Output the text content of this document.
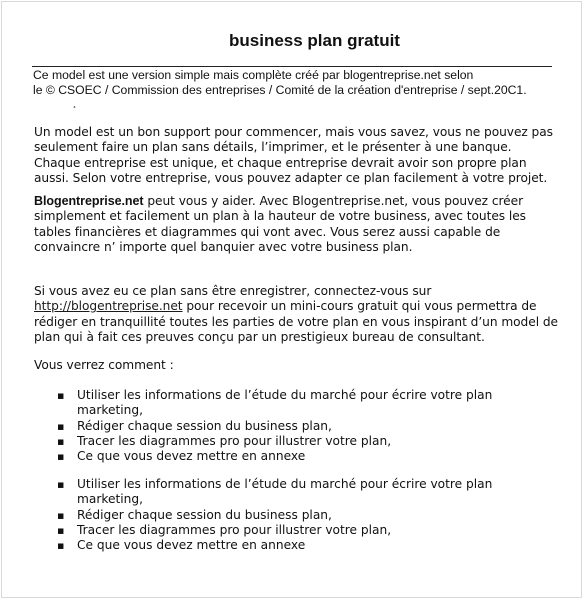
business plan gratuit
Ce model est une version simple mais complète créé par blogentreprise.net selon
le © CSOEC / Commission des entreprises / Comité de la création d'entreprise / sept.20C1.
¸

Un model est un bon support pour commencer, mais vous savez, vous ne pouvez pas seulement faire un plan sans détails, l’imprimer, et le présenter à une banque. Chaque entreprise est unique, et chaque entreprise devrait avoir son propre plan aussi. Selon votre entreprise, vous pouvez adapter ce plan facilement à votre projet.

Blogentreprise.net peut vous y aider. Avec Blogentreprise.net, vous pouvez créer simplement et facilement un plan à la hauteur de votre business, avec toutes les tables financières et diagrammes qui vont avec. Vous serez aussi capable de convaincre n’ importe quel banquier avec votre business plan.

Si vous avez eu ce plan sans être enregistrer, connectez-vous sur
http://blogentreprise.net pour recevoir un mini-cours gratuit qui vous permettra de rédiger en tranquillité toutes les parties de votre plan en vous inspirant d’un model de plan qui à fait ces preuves conçu par un prestigieux bureau de consultant.

Vous verrez comment :

▪ Utiliser les informations de l’étude du marché pour écrire votre plan marketing,
▪ Rédiger chaque session du business plan,
▪ Tracer les diagrammes pro pour illustrer votre plan,
▪ Ce que vous devez mettre en annexe
▪ Utiliser les informations de l’étude du marché pour écrire votre plan marketing,
▪ Rédiger chaque session du business plan,
▪ Tracer les diagrammes pro pour illustrer votre plan,
▪ Ce que vous devez mettre en annexe
